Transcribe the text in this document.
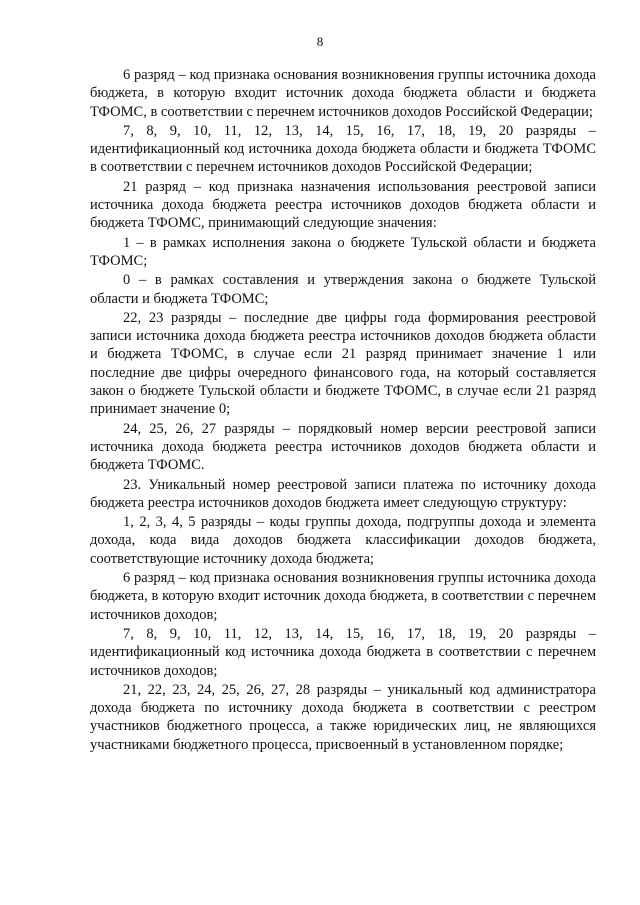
8

6 разряд – код признака основания возникновения группы источника дохода бюджета, в которую входит источник дохода бюджета области и бюджета ТФОМС, в соответствии с перечнем источников доходов Российской Федерации;

7, 8, 9, 10, 11, 12, 13, 14, 15, 16, 17, 18, 19, 20 разряды – идентификационный код источника дохода бюджета области и бюджета ТФОМС в соответствии с перечнем источников доходов Российской Федерации;

21 разряд – код признака назначения использования реестровой записи источника дохода бюджета реестра источников доходов бюджета области и бюджета ТФОМС, принимающий следующие значения:

1 – в рамках исполнения закона о бюджете Тульской области и бюджета ТФОМС;

0 – в рамках составления и утверждения закона о бюджете Тульской области и бюджета ТФОМС;

22, 23 разряды – последние две цифры года формирования реестровой записи источника дохода бюджета реестра источников доходов бюджета области и бюджета ТФОМС, в случае если 21 разряд принимает значение 1 или последние две цифры очередного финансового года, на который составляется закон о бюджете Тульской области и бюджете ТФОМС, в случае если 21 разряд принимает значение 0;

24, 25, 26, 27 разряды – порядковый номер версии реестровой записи источника дохода бюджета реестра источников доходов бюджета области и бюджета ТФОМС.

23. Уникальный номер реестровой записи платежа по источнику дохода бюджета реестра источников доходов бюджета имеет следующую структуру:

1, 2, 3, 4, 5 разряды – коды группы дохода, подгруппы дохода и элемента дохода, кода вида доходов бюджета классификации доходов бюджета, соответствующие источнику дохода бюджета;

6 разряд – код признака основания возникновения группы источника дохода бюджета, в которую входит источник дохода бюджета, в соответствии с перечнем источников доходов;

7, 8, 9, 10, 11, 12, 13, 14, 15, 16, 17, 18, 19, 20 разряды – идентификационный код источника дохода бюджета в соответствии с перечнем источников доходов;

21, 22, 23, 24, 25, 26, 27, 28 разряды – уникальный код администратора дохода бюджета по источнику дохода бюджета в соответствии с реестром участников бюджетного процесса, а также юридических лиц, не являющихся участниками бюджетного процесса, присвоенный в установленном порядке;
